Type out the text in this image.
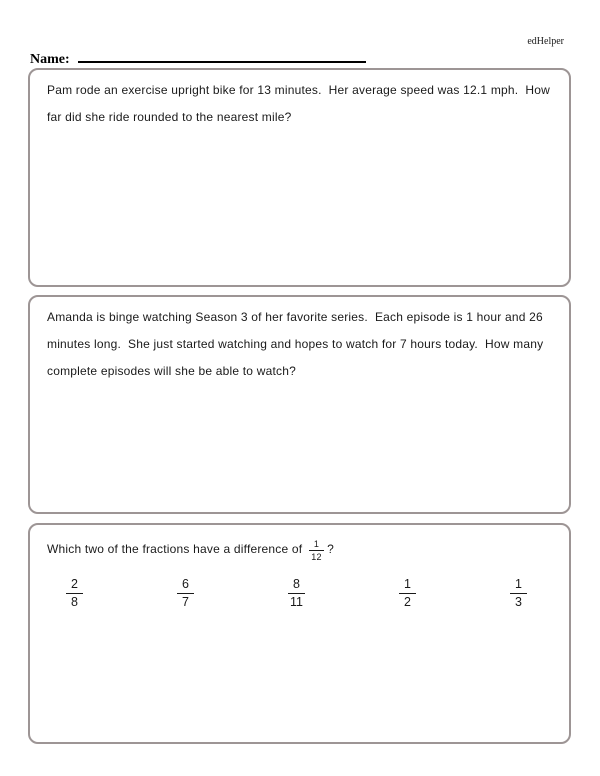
edHelper
Name:

Pam rode an exercise upright bike for 13 minutes.  Her average speed was 12.1 mph.  How far did she ride rounded to the nearest mile?

Amanda is binge watching Season 3 of her favorite series.  Each episode is 1 hour and 26 minutes long.  She just started watching and hopes to watch for 7 hours today.  How many complete episodes will she be able to watch?

Which two of the fractions have a difference of $\frac{1}{12}$ ?

$\frac{2}{8}$	$\frac{6}{7}$	$\frac{8}{11}$	$\frac{1}{2}$	$\frac{1}{3}$
